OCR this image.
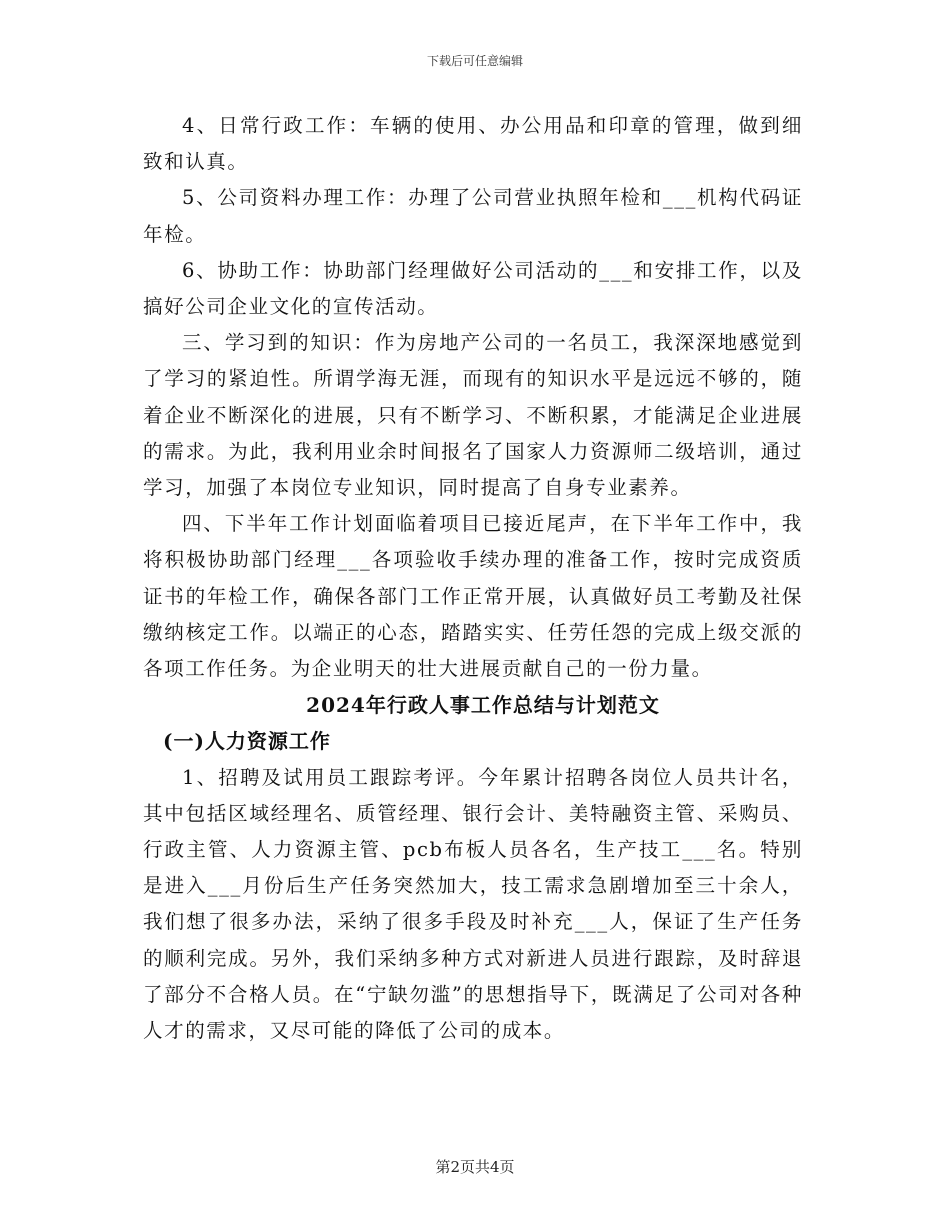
下载后可任意编辑

4、日常行政工作：车辆的使用、办公用品和印章的管理，做到细致和认真。

5、公司资料办理工作：办理了公司营业执照年检和___机构代码证年检。

6、协助工作：协助部门经理做好公司活动的___和安排工作，以及搞好公司企业文化的宣传活动。

三、学习到的知识：作为房地产公司的一名员工，我深深地感觉到了学习的紧迫性。所谓学海无涯，而现有的知识水平是远远不够的，随着企业不断深化的进展，只有不断学习、不断积累，才能满足企业进展的需求。为此，我利用业余时间报名了国家人力资源师二级培训，通过学习，加强了本岗位专业知识，同时提高了自身专业素养。

四、下半年工作计划面临着项目已接近尾声，在下半年工作中，我将积极协助部门经理___各项验收手续办理的准备工作，按时完成资质证书的年检工作，确保各部门工作正常开展，认真做好员工考勤及社保缴纳核定工作。以端正的心态，踏踏实实、任劳任怨的完成上级交派的各项工作任务。为企业明天的壮大进展贡献自己的一份力量。

2024年行政人事工作总结与计划范文

(一)人力资源工作

1、招聘及试用员工跟踪考评。今年累计招聘各岗位人员共计名，其中包括区域经理名、质管经理、银行会计、美特融资主管、采购员、行政主管、人力资源主管、pcb布板人员各名，生产技工___名。特别是进入___月份后生产任务突然加大，技工需求急剧增加至三十余人，我们想了很多办法，采纳了很多手段及时补充___人，保证了生产任务的顺利完成。另外，我们采纳多种方式对新进人员进行跟踪，及时辞退了部分不合格人员。在“宁缺勿滥”的思想指导下，既满足了公司对各种人才的需求，又尽可能的降低了公司的成本。

第2页共4页
